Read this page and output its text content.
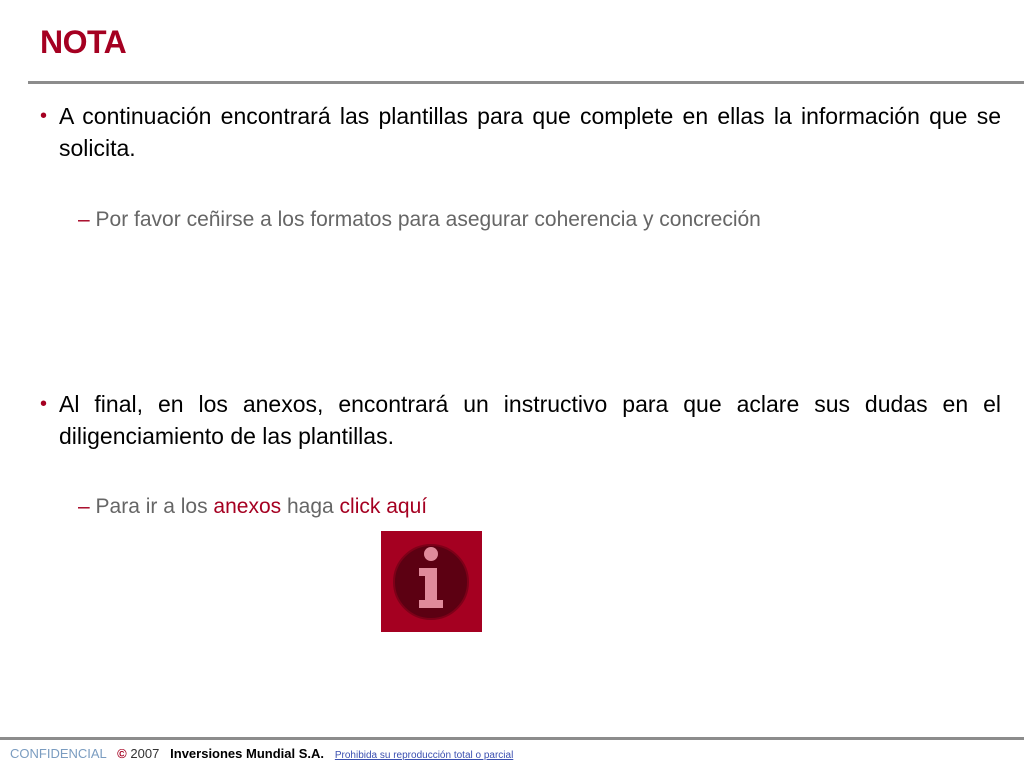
NOTA
• A continuación encontrará las plantillas para que complete en ellas la información que se solicita.
– Por favor ceñirse a los formatos para asegurar coherencia y concreción
• Al final, en los anexos, encontrará un instructivo para que aclare sus dudas en el diligenciamiento de las plantillas.
– Para ir a los anexos haga click aquí
CONFIDENCIAL © 2007 Inversiones Mundial S.A. Prohibida su reproducción total o parcial
